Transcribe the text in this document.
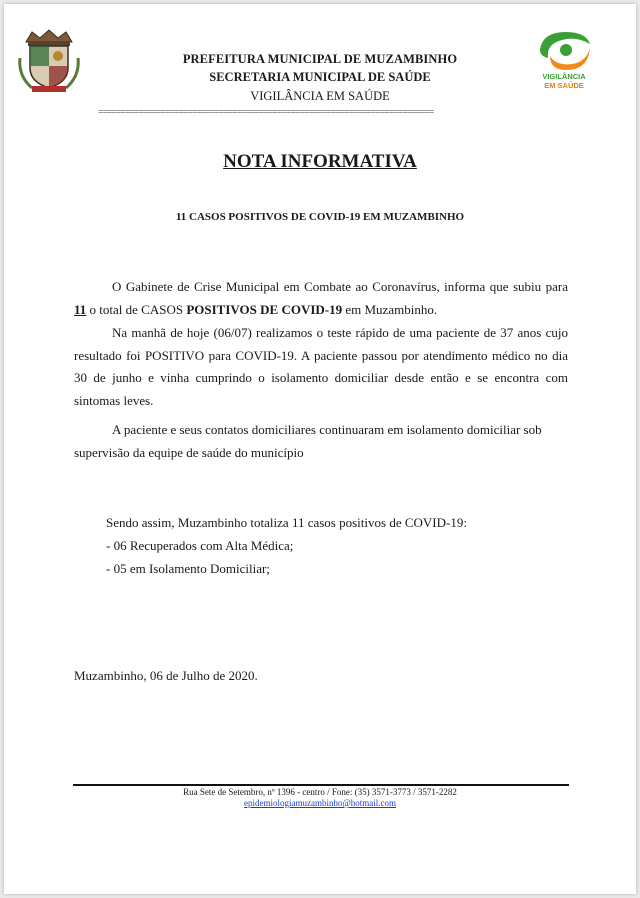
VIGILÂNCIA
EM SAÚDE
PREFEITURA MUNICIPAL DE MUZAMBINHO
SECRETARIA MUNICIPAL DE SAÚDE
VIGILÂNCIA EM SAÚDE
===========================================================================
NOTA INFORMATIVA
11 CASOS POSITIVOS DE COVID-19 EM MUZAMBINHO
O Gabinete de Crise Municipal em Combate ao Coronavírus, informa que subiu para 11 o total de CASOS POSITIVOS DE COVID-19 em Muzambinho.
Na manhã de hoje (06/07) realizamos o teste rápido de uma paciente de 37 anos cujo resultado foi POSITIVO para COVID-19. A paciente passou por atendimento médico no dia 30 de junho e vinha cumprindo o isolamento domiciliar desde então e se encontra com sintomas leves.
A paciente e seus contatos domiciliares continuaram em isolamento domiciliar sob supervisão da equipe de saúde do município
Sendo assim, Muzambinho totaliza 11 casos positivos de COVID-19:
- 06 Recuperados com Alta Médica;
- 05 em Isolamento Domiciliar;
Muzambinho, 06 de Julho de 2020.
Rua Sete de Setembro, nº 1396 - centro / Fone: (35) 3571-3773 / 3571-2282
epidemiologiamuzambinho@hotmail.com
